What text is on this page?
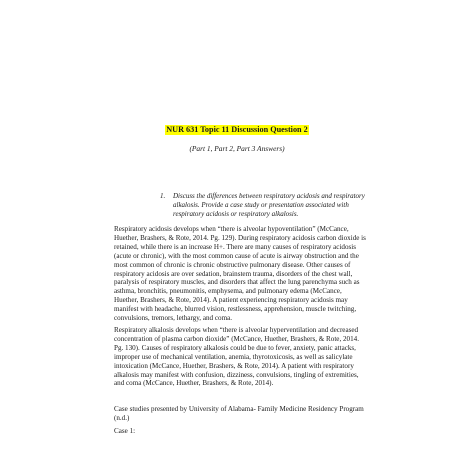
NUR 631 Topic 11 Discussion Question 2
(Part 1, Part 2, Part 3 Answers)
1. Discuss the differences between respiratory acidosis and respiratory alkalosis. Provide a case study or presentation associated with respiratory acidosis or respiratory alkalosis.

Respiratory acidosis develops when “there is alveolar hypoventilation” (McCance, Huether, Brashers, & Rote, 2014. Pg. 129). During respiratory acidosis carbon dioxide is retained, while there is an increase H+. There are many causes of respiratory acidosis (acute or chronic), with the most common cause of acute is airway obstruction and the most common of chronic is chronic obstructive pulmonary disease. Other causes of respiratory acidosis are over sedation, brainstem trauma, disorders of the chest wall, paralysis of respiratory muscles, and disorders that affect the lung parenchyma such as asthma, bronchitis, pneumonitis, emphysema, and pulmonary edema (McCance, Huether, Brashers, & Rote, 2014). A patient experiencing respiratory acidosis may manifest with headache, blurred vision, restlessness, apprehension, muscle twitching, convulsions, tremors, lethargy, and coma.

Respiratory alkalosis develops when “there is alveolar hyperventilation and decreased concentration of plasma carbon dioxide” (McCance, Huether, Brashers, & Rote, 2014. Pg. 130). Causes of respiratory alkalosis could be due to fever, anxiety, panic attacks, improper use of mechanical ventilation, anemia, thyrotoxicosis, as well as salicylate intoxication (McCance, Huether, Brashers, & Rote, 2014). A patient with respiratory alkalosis may manifest with confusion, dizziness, convulsions, tingling of extremities, and coma (McCance, Huether, Brashers, & Rote, 2014).

Case studies presented by University of Alabama- Family Medicine Residency Program (n.d.)

Case 1:
